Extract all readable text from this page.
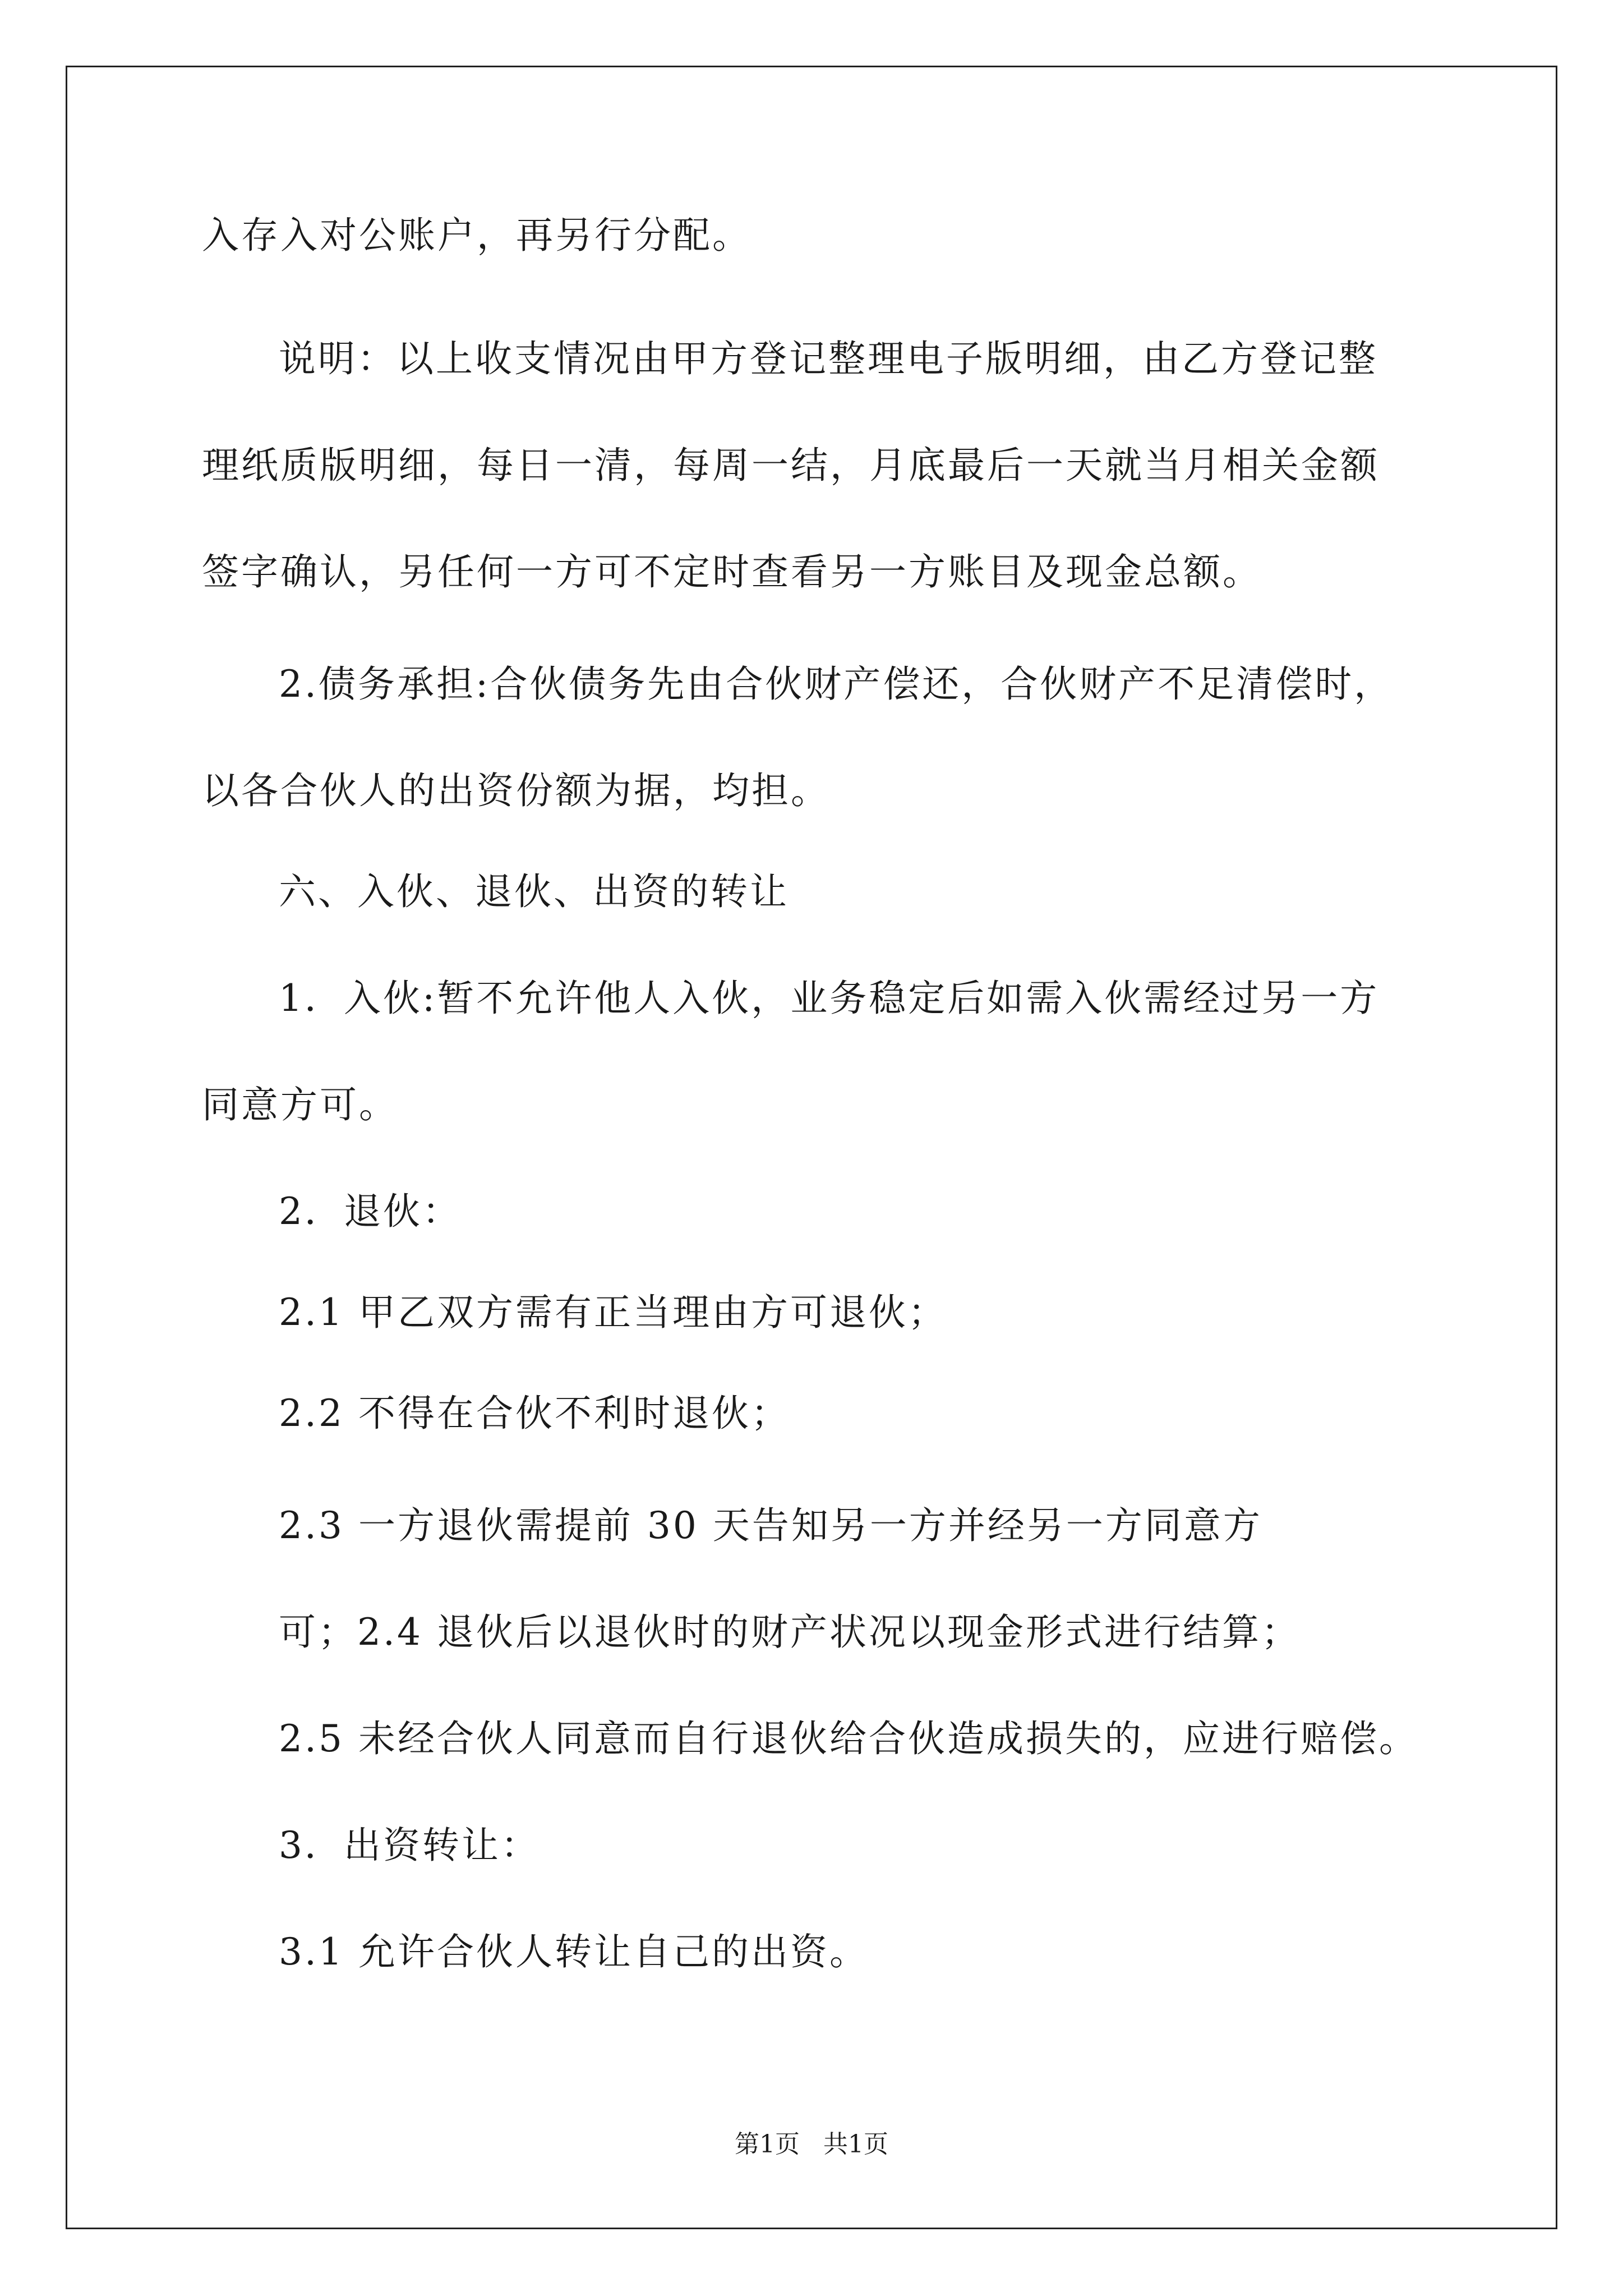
入存入对公账户，再另行分配。
说明：以上收支情况由甲方登记整理电子版明细，由乙方登记整
理纸质版明细，每日一清，每周一结，月底最后一天就当月相关金额
签字确认，另任何一方可不定时查看另一方账目及现金总额。
2.债务承担:合伙债务先由合伙财产偿还，合伙财产不足清偿时，
以各合伙人的出资份额为据，均担。
六、入伙、退伙、出资的转让
1．入伙:暂不允许他人入伙，业务稳定后如需入伙需经过另一方
同意方可。
2．退伙：
2.1 甲乙双方需有正当理由方可退伙；
2.2 不得在合伙不利时退伙；
2.3 一方退伙需提前 30 天告知另一方并经另一方同意方
可；2.4 退伙后以退伙时的财产状况以现金形式进行结算；
2.5 未经合伙人同意而自行退伙给合伙造成损失的，应进行赔偿。
3．出资转让：
3.1 允许合伙人转让自己的出资。
第1页   共1页
